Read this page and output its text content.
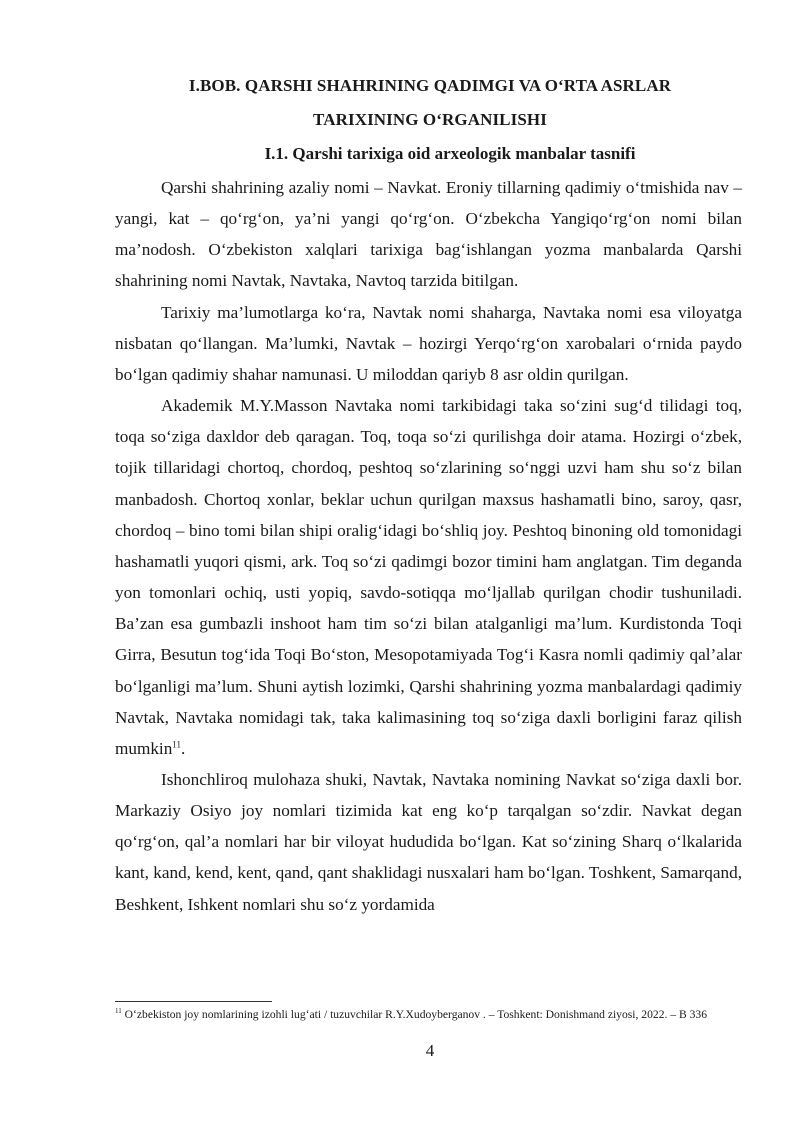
I.BOB. QARSHI SHAHRINING QADIMGI VA O‘RTA ASRLAR
TARIXINING O‘RGANILISHI
I.1. Qarshi tarixiga oid arxeologik manbalar tasnifi

Qarshi shahrining azaliy nomi – Navkat. Eroniy tillarning qadimiy o‘tmishida nav – yangi, kat – qo‘rg‘on, ya’ni yangi qo‘rg‘on. O‘zbekcha Yangiqo‘rg‘on nomi bilan ma’nodosh. O‘zbekiston xalqlari tarixiga bag‘ishlangan yozma manbalarda Qarshi shahrining nomi Navtak, Navtaka, Navtoq tarzida bitilgan.

Tarixiy ma’lumotlarga ko‘ra, Navtak nomi shaharga, Navtaka nomi esa viloyatga nisbatan qo‘llangan. Ma’lumki, Navtak – hozirgi Yerqo‘rg‘on xarobalari o‘rnida paydo bo‘lgan qadimiy shahar namunasi. U miloddan qariyb 8 asr oldin qurilgan.

Akademik M.Y.Masson Navtaka nomi tarkibidagi taka so‘zini sug‘d tilidagi toq, toqa so‘ziga daxldor deb qaragan. Toq, toqa so‘zi qurilishga doir atama. Hozirgi o‘zbek, tojik tillaridagi chortoq, chordoq, peshtoq so‘zlarining so‘nggi uzvi ham shu so‘z bilan manbadosh. Chortoq xonlar, beklar uchun qurilgan maxsus hashamatli bino, saroy, qasr, chordoq – bino tomi bilan shipi oralig‘idagi bo‘shliq joy. Peshtoq binoning old tomonidagi hashamatli yuqori qismi, ark. Toq so‘zi qadimgi bozor timini ham anglatgan. Tim deganda yon tomonlari ochiq, usti yopiq, savdo-sotiqqa mo‘ljallab qurilgan chodir tushuniladi. Ba’zan esa gumbazli inshoot ham tim so‘zi bilan atalganligi ma’lum. Kurdistonda Toqi Girra, Besutun tog‘ida Toqi Bo‘ston, Mesopotamiyada Tog‘i Kasra nomli qadimiy qal’alar bo‘lganligi ma’lum. Shuni aytish lozimki, Qarshi shahrining yozma manbalardagi qadimiy Navtak, Navtaka nomidagi tak, taka kalimasining toq so‘ziga daxli borligini faraz qilish mumkin$^{11}$.

Ishonchliroq mulohaza shuki, Navtak, Navtaka nomining Navkat so‘ziga daxli bor. Markaziy Osiyo joy nomlari tizimida kat eng ko‘p tarqalgan so‘zdir. Navkat degan qo‘rg‘on, qal’a nomlari har bir viloyat hududida bo‘lgan. Kat so‘zining Sharq o‘lkalarida kant, kand, kend, kent, qand, qant shaklidagi nusxalari ham bo‘lgan. Toshkent, Samarqand, Beshkent, Ishkent nomlari shu so‘z yordamida

$^{11}$ O‘zbekiston joy nomlarining izohli lug‘ati / tuzuvchilar R.Y.Xudoyberganov . – Toshkent: Donishmand ziyosi, 2022. – B 336
4
